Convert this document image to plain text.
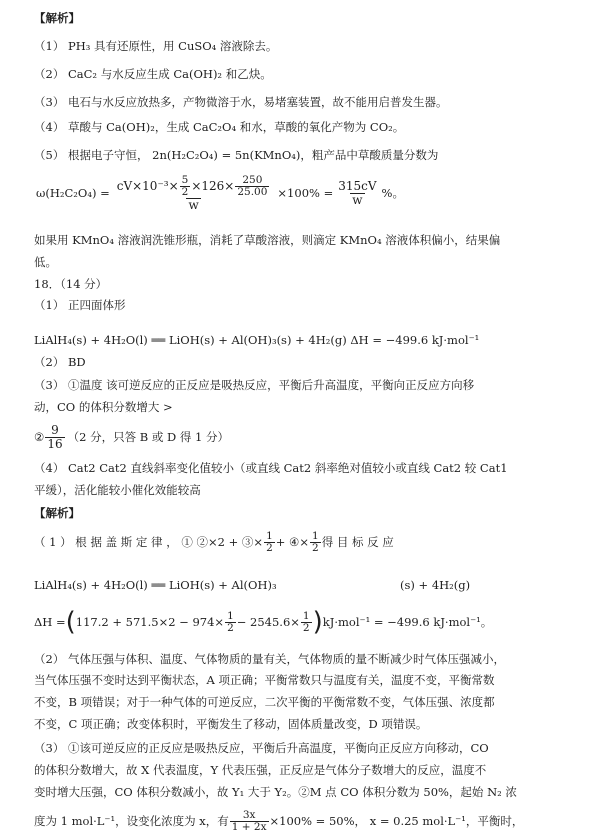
【解析】
（1） PH₃ 具有还原性，用 CuSO₄ 溶液除去。
（2） CaC₂ 与水反应生成 Ca(OH)₂ 和乙炔。
（3） 电石与水反应放热多，产物微溶于水，易堵塞装置，故不能用启普发生器。
（4） 草酸与 Ca(OH)₂，生成 CaC₂O₄ 和水，草酸的氧化产物为 CO₂。
（5） 根据电子守恒， 2n(H₂C₂O₄) = 5n(KMnO₄)，粗产品中草酸质量分数为
$\omega(H_2C_2O_4) = \frac{cV\times 10^{-3}\times \frac{5}{2} \times 126\times \frac{250}{25.00}}{w} \times 100\% = \frac{315cV}{w}$ %。
如果用 KMnO₄ 溶液润洗锥形瓶，消耗了草酸溶液，则滴定 KMnO₄ 溶液体积偏小，结果偏
低。
18．（14 分）
（1） 正四面体形
LiAlH₄(s) + 4H₂O(l) ══ LiOH(s) + Al(OH)₃(s) + 4H₂(g) ΔH = −499.6 kJ·mol⁻¹
（2） BD
（3） ①温度 该可逆反应的正反应是吸热反应，平衡后升高温度，平衡向正反应方向移
动，CO 的体积分数增大 >
② $\frac{9}{16} (2$ 分，只答 B 或 D 得 1 分）
（4） Cat2 Cat2 直线斜率变化值较小（或直线 Cat2 斜率绝对值较小或直线 Cat2 较 Cat1
平缓），活化能较小催化效能较高
【解析】
（ 1 ） 根 据 盖 斯 定 律 ， ① ②×2 + ③× $\frac{1}{2}$ + ④× $\frac{1}{2}$ 得 目 标 反 应
LiAlH₄(s) + 4H₂O(l) ══ LiOH(s) + Al(OH)₃	(s) + 4H₂(g)
ΔH = ( $117.2 + 571.5\times 2 - 974\times \frac{1}{2} - 2545.6\times \frac{1}{2}$ ) kJ·mol⁻¹ = −499.6 kJ·mol⁻¹。
（2） 气体压强与体积、温度、气体物质的量有关，气体物质的量不断减少时气体压强减小，
当气体压强不变时达到平衡状态，A 项正确；平衡常数只与温度有关，温度不变，平衡常数
不变，B 项错误；对于一种气体的可逆反应，二次平衡的平衡常数不变，气体压强、浓度都
不变，C 项正确；改变体积时，平衡发生了移动，固体质量改变，D 项错误。
（3） ①该可逆反应的正反应是吸热反应，平衡后升高温度，平衡向正反应方向移动，CO
的体积分数增大，故 X 代表温度，Y 代表压强，正反应是气体分子数增大的反应，温度不
变时增大压强，CO 体积分数减小，故 Y₁ 大于 Y₂。②M 点 CO 体积分数为 50%，起始 N₂ 浓
度为 1 mol·L⁻¹，设变化浓度为 x，有 $\frac{3x}{1 + 2x} \times 100\% = 50\%$， x = 0.25 mol·L⁻¹，平衡时，
